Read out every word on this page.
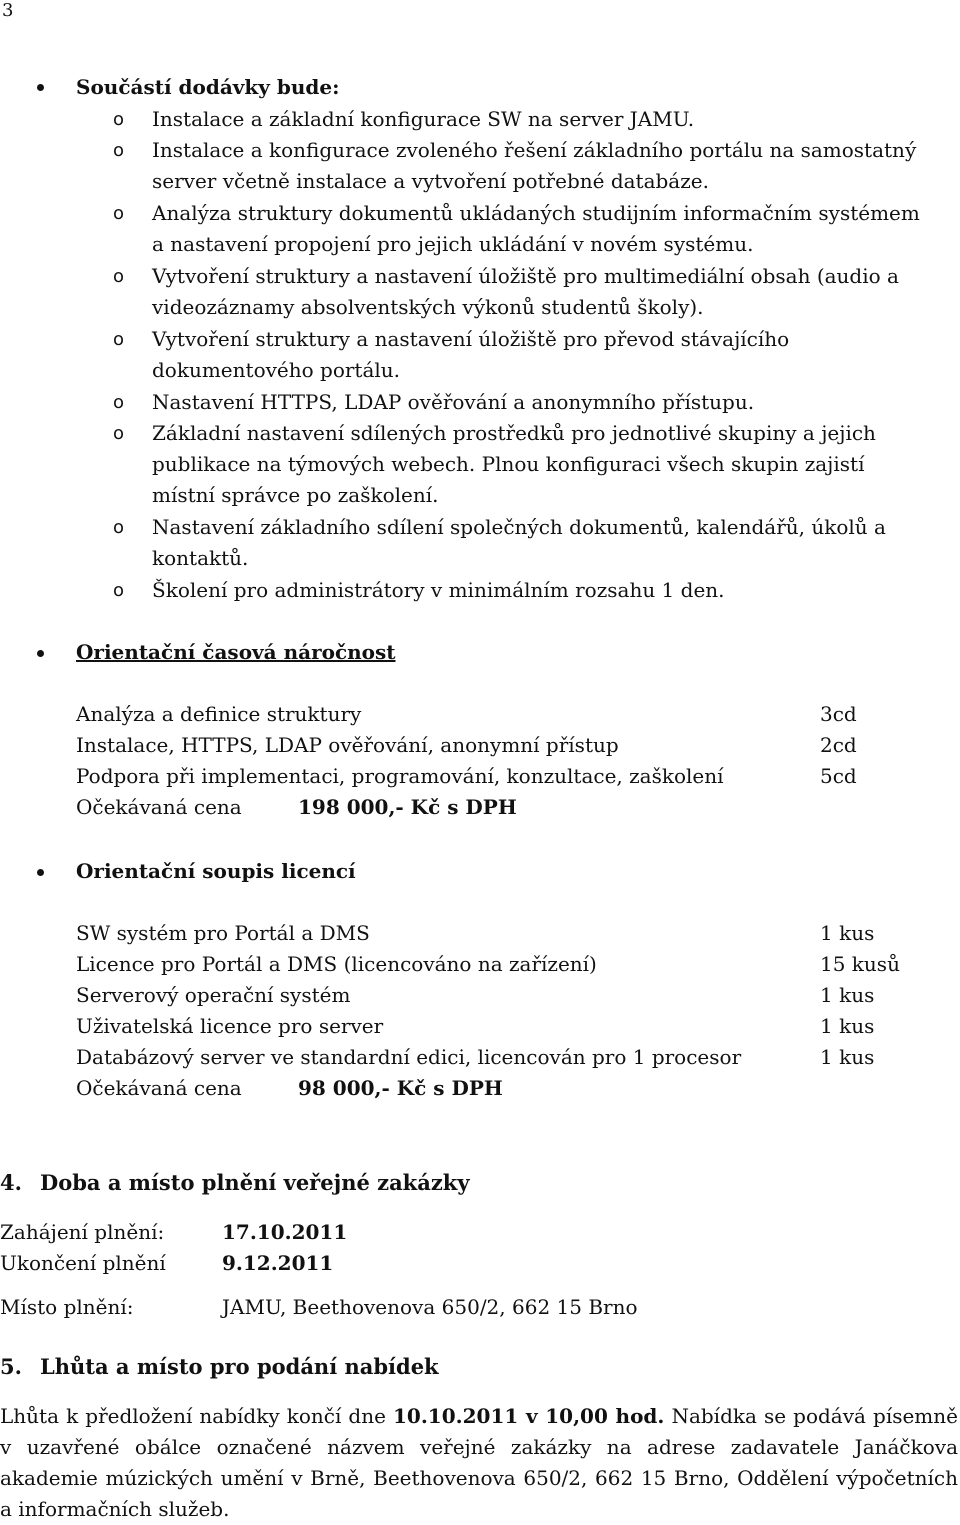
3
Součástí dodávky bude:
o Instalace a základní konfigurace SW na server JAMU.
o Instalace a konfigurace zvoleného řešení základního portálu na samostatný server včetně instalace a vytvoření potřebné databáze.
o Analýza struktury dokumentů ukládaných studijním informačním systémem a nastavení propojení pro jejich ukládání v novém systému.
o Vytvoření struktury a nastavení úložiště pro multimediální obsah (audio a videozáznamy absolventských výkonů studentů školy).
o Vytvoření struktury a nastavení úložiště pro převod stávajícího dokumentového portálu.
o Nastavení HTTPS, LDAP ověřování a anonymního přístupu.
o Základní nastavení sdílených prostředků pro jednotlivé skupiny a jejich publikace na týmových webech. Plnou konfiguraci všech skupin zajistí místní správce po zaškolení.
o Nastavení základního sdílení společných dokumentů, kalendářů, úkolů a kontaktů.
o Školení pro administrátory v minimálním rozsahu 1 den.
Orientační časová náročnost
Analýza a definice struktury	3cd
Instalace, HTTPS, LDAP ověřování, anonymní přístup	2cd
Podpora při implementaci, programování, konzultace, zaškolení	5cd
Očekávaná cena	198 000,- Kč s DPH
Orientační soupis licencí
SW systém pro Portál a DMS	1 kus
Licence pro Portál a DMS (licencováno na zařízení)	15 kusů
Serverový operační systém	1 kus
Uživatelská licence pro server	1 kus
Databázový server ve standardní edici, licencován pro 1 procesor	1 kus
Očekávaná cena	98 000,- Kč s DPH
4. Doba a místo plnění veřejné zakázky
Zahájení plnění:	17.10.2011
Ukončení plnění	9.12.2011
Místo plnění:	JAMU, Beethovenova 650/2, 662 15 Brno
5. Lhůta a místo pro podání nabídek
Lhůta k předložení nabídky končí dne 10.10.2011 v 10,00 hod. Nabídka se podává písemně v uzavřené obálce označené názvem veřejné zakázky na adrese zadavatele Janáčkova akademie múzických umění v Brně, Beethovenova 650/2, 662 15 Brno, Oddělení výpočetních a informačních služeb.
